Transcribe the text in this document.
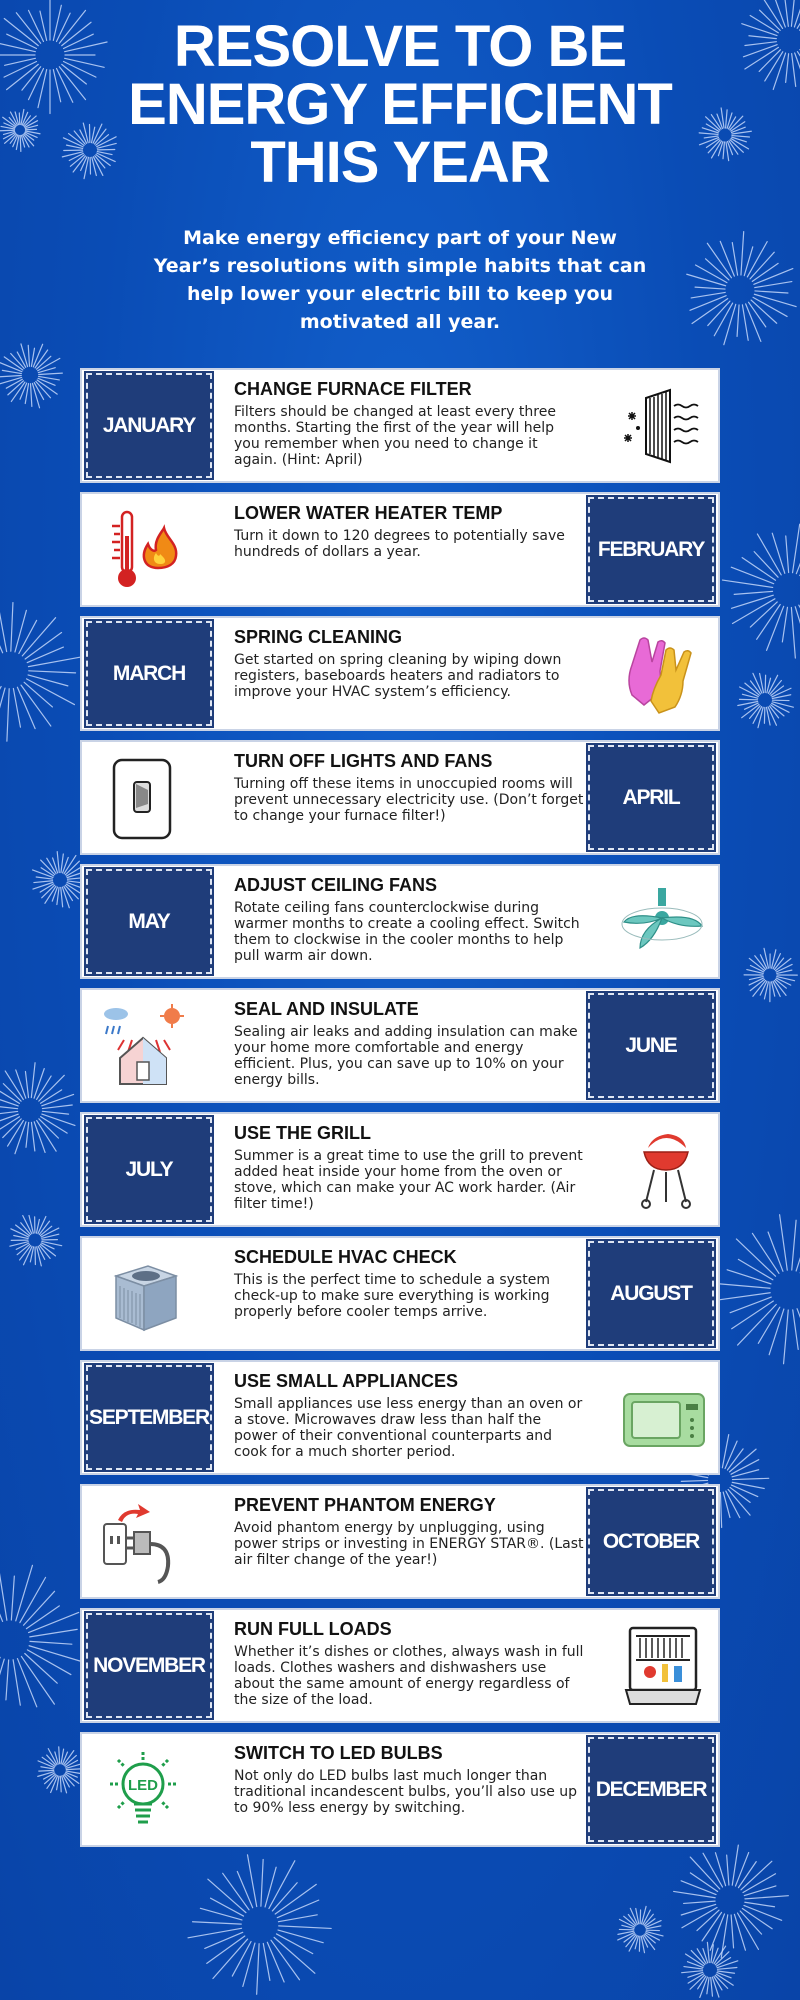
RESOLVE TO BE
ENERGY EFFICIENT
THIS YEAR

Make energy efficiency part of your New Year’s resolutions with simple habits that can help lower your electric bill to keep you motivated all year.

JANUARY
CHANGE FURNACE FILTER

Filters should be changed at least every three months. Starting the first of the year will help you remember when you need to change it again. (Hint: April)

FEBRUARY
LOWER WATER HEATER TEMP

Turn it down to 120 degrees to potentially save hundreds of dollars a year.

MARCH
SPRING CLEANING

Get started on spring cleaning by wiping down registers, baseboards heaters and radiators to improve your HVAC system’s efficiency.

APRIL
TURN OFF LIGHTS AND FANS

Turning off these items in unoccupied rooms will prevent unnecessary electricity use. (Don’t forget to change your furnace filter!)

MAY
ADJUST CEILING FANS

Rotate ceiling fans counterclockwise during warmer months to create a cooling effect. Switch them to clockwise in the cooler months to help pull warm air down.

JUNE
SEAL AND INSULATE

Sealing air leaks and adding insulation can make your home more comfortable and energy efficient. Plus, you can save up to 10% on your energy bills.

JULY
USE THE GRILL

Summer is a great time to use the grill to prevent added heat inside your home from the oven or stove, which can make your AC work harder. (Air filter time!)

AUGUST
SCHEDULE HVAC CHECK

This is the perfect time to schedule a system check-up to make sure everything is working properly before cooler temps arrive.

SEPTEMBER
USE SMALL APPLIANCES

Small appliances use less energy than an oven or a stove. Microwaves draw less than half the power of their conventional counterparts and cook for a much shorter period.

OCTOBER
PREVENT PHANTOM ENERGY

Avoid phantom energy by unplugging, using power strips or investing in ENERGY STAR®. (Last air filter change of the year!)

NOVEMBER
RUN FULL LOADS

Whether it’s dishes or clothes, always wash in full loads. Clothes washers and dishwashers use about the same amount of energy regardless of the size of the load.

DECEMBER
LED
SWITCH TO LED BULBS

Not only do LED bulbs last much longer than traditional incandescent bulbs, you’ll also use up to 90% less energy by switching.
